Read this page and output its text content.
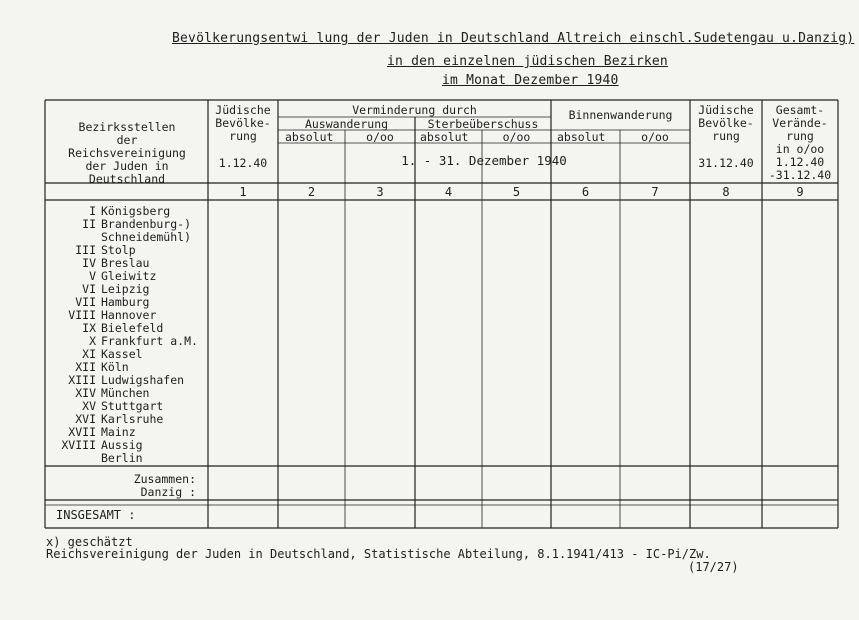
Bevölkerungsentwi lung der Juden in Deutschland Altreich einschl.Sudetengau u.Danzig)
in den einzelnen jüdischen Bezirken
im Monat Dezember 1940
Bezirksstellen
der
Reichsvereinigung
der Juden in
Deutschland
Jüdische
Bevölke-
rung
1.12.40
Verminderung durch
Auswanderung	Sterbeüberschuss
Binnenwanderung
absolut	o/oo	absolut	o/oo	absolut	o/oo
1. - 31. Dezember 1940
Jüdische
Bevölke-
rung
31.12.40
Gesamt-
Verände-
rung
in o/oo
1.12.40
-31.12.40
1	2	3	4	5	6	7	8	9
I Königsberg
II Brandenburg-)
Schneidemühl)
III Stolp
IV Breslau
V Gleiwitz
VI Leipzig
VII Hamburg
VIII Hannover
IX Bielefeld
X Frankfurt a.M.
XI Kassel
XII Köln
XIII Ludwigshafen
XIV München
XV Stuttgart
XVI Karlsruhe
XVII Mainz
XVIII Aussig
Berlin
Zusammen:
Danzig :
INSGESAMT :
x) geschätzt
Reichsvereinigung der Juden in Deutschland, Statistische Abteilung, 8.1.1941/413 - IC-Pi/Zw.
(17/27)
